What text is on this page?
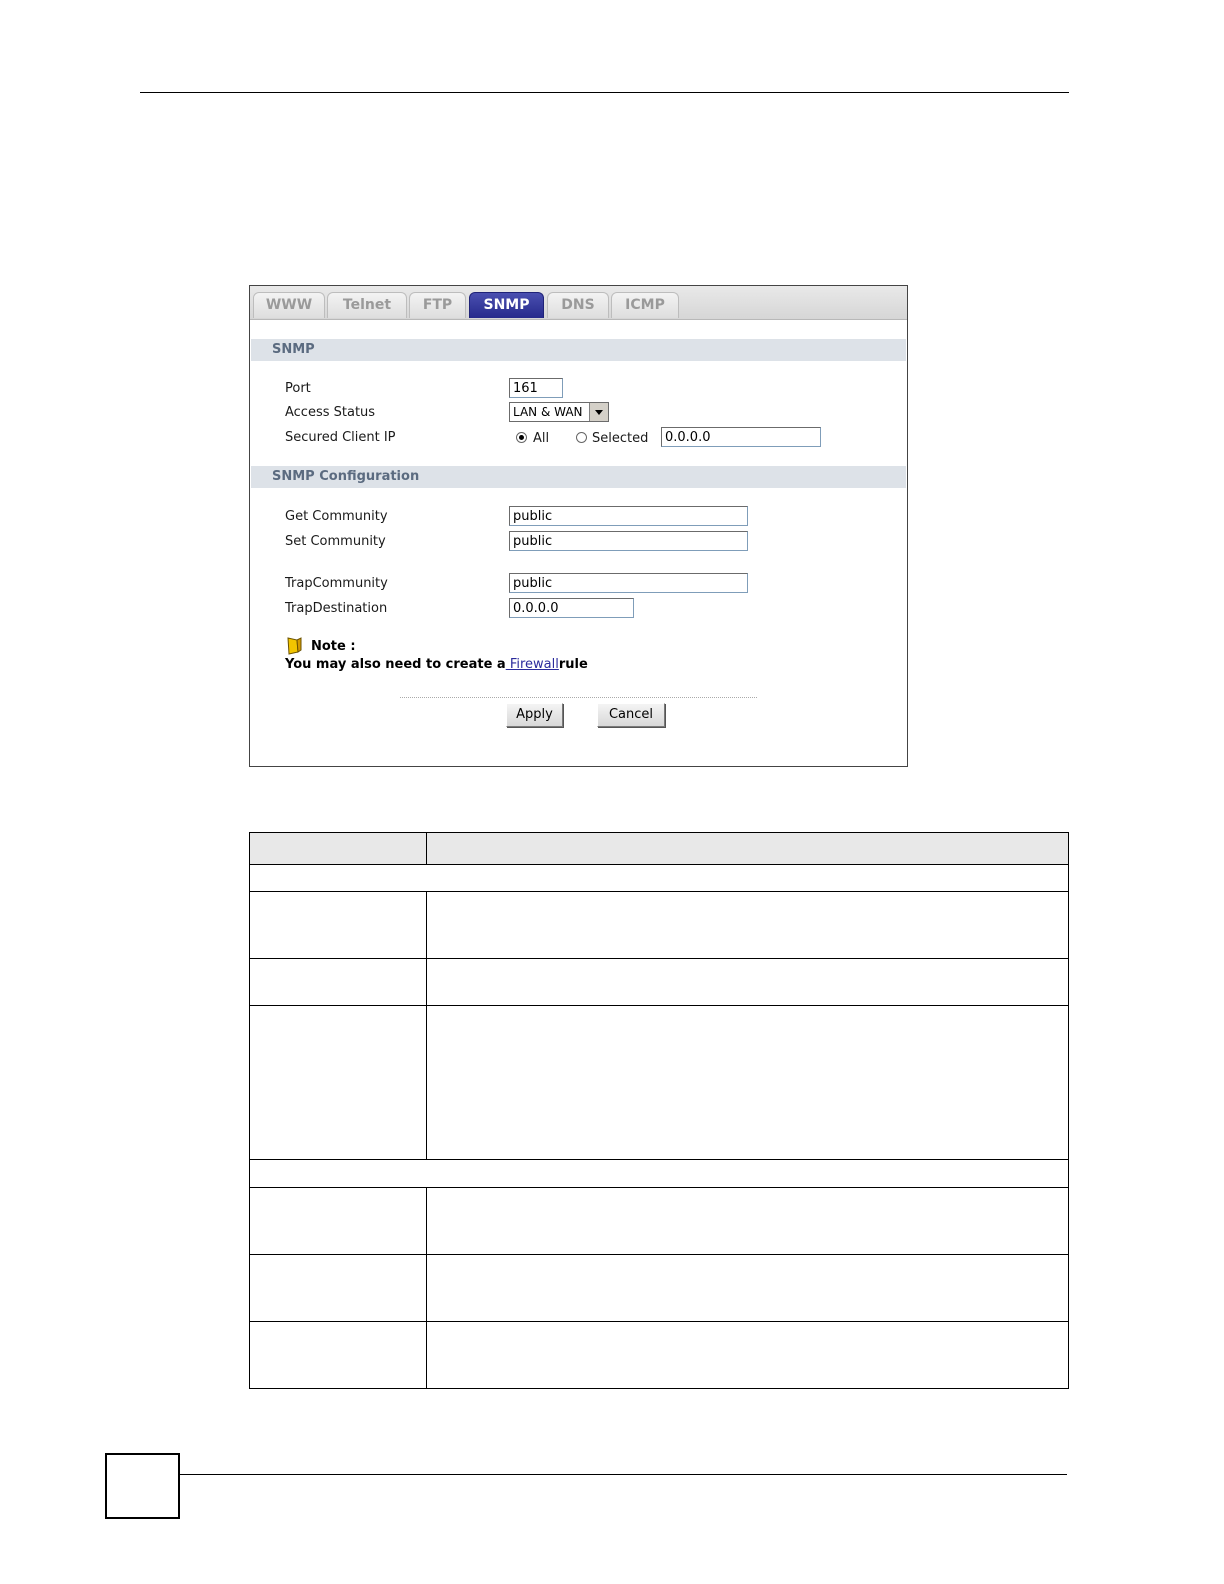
WWW	Telnet	FTP	SNMP	DNS	ICMP
SNMP
Port	161
Access Status	LAN & WAN
Secured Client IP	All	Selected	0.0.0.0
SNMP Configuration
Get Community	public
Set Community	public
TrapCommunity	public
TrapDestination	0.0.0.0
Note :
You may also need to create a Firewallrule
Apply	Cancel
